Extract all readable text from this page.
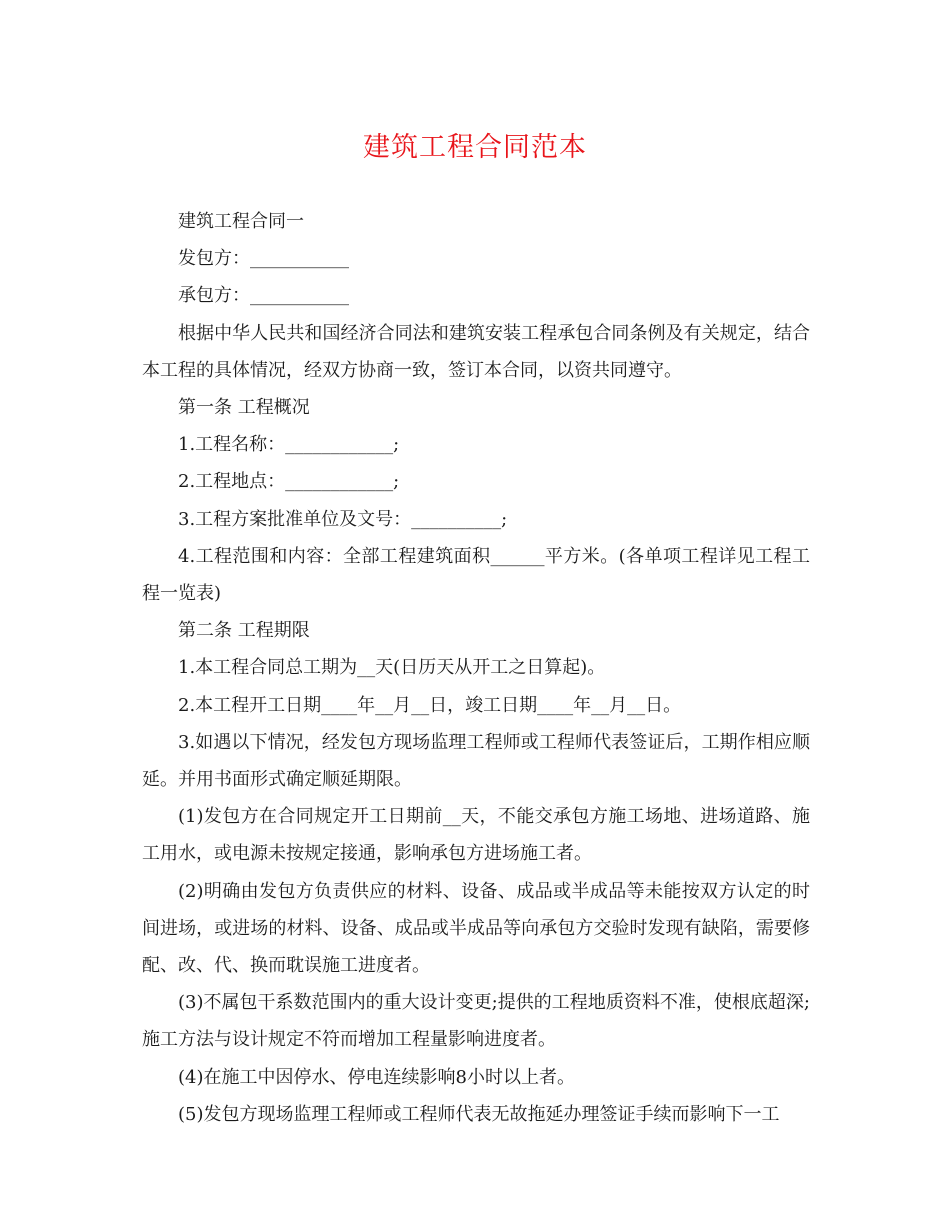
建筑工程合同范本

建筑工程合同一

发包方：___________

承包方：___________

根据中华人民共和国经济合同法和建筑安装工程承包合同条例及有关规定，结合本工程的具体情况，经双方协商一致，签订本合同，以资共同遵守。

第一条 工程概况

1.工程名称：____________;

2.工程地点：____________;

3.工程方案批准单位及文号：__________;

4.工程范围和内容：全部工程建筑面积______平方米。(各单项工程详见工程工程一览表)

第二条 工程期限

1.本工程合同总工期为__天(日历天从开工之日算起)。

2.本工程开工日期____年__月__日，竣工日期____年__月__日。

3.如遇以下情况，经发包方现场监理工程师或工程师代表签证后，工期作相应顺延。并用书面形式确定顺延期限。

(1)发包方在合同规定开工日期前__天，不能交承包方施工场地、进场道路、施工用水，或电源未按规定接通，影响承包方进场施工者。

(2)明确由发包方负责供应的材料、设备、成品或半成品等未能按双方认定的时间进场，或进场的材料、设备、成品或半成品等向承包方交验时发现有缺陷，需要修配、改、代、换而耽误施工进度者。

(3)不属包干系数范围内的重大设计变更;提供的工程地质资料不准，使根底超深;施工方法与设计规定不符而增加工程量影响进度者。

(4)在施工中因停水、停电连续影响8小时以上者。

(5)发包方现场监理工程师或工程师代表无故拖延办理签证手续而影响下一工
